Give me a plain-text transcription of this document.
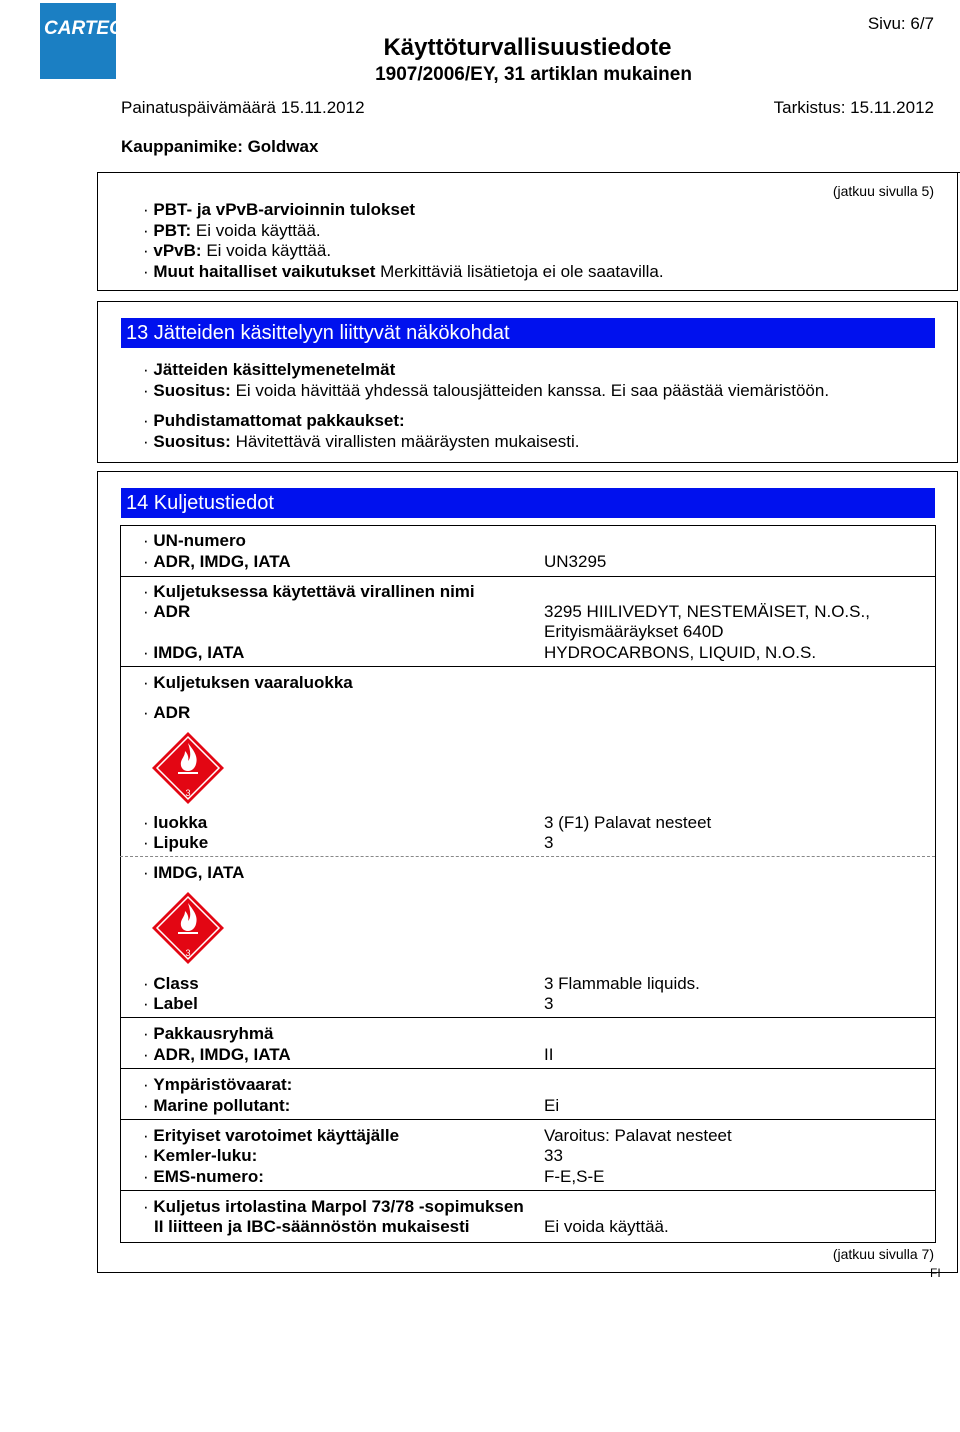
CARTEC
Käyttöturvallisuustiedote
1907/2006/EY, 31 artiklan mukainen
Sivu: 6/7
Painatuspäivämäärä 15.11.2012	Tarkistus: 15.11.2012
Kauppanimike: Goldwax
(jatkuu sivulla 5)
· PBT- ja vPvB-arvioinnin tulokset
· PBT: Ei voida käyttää.
· vPvB: Ei voida käyttää.
· Muut haitalliset vaikutukset Merkittäviä lisätietoja ei ole saatavilla.
13 Jätteiden käsittelyyn liittyvät näkökohdat
· Jätteiden käsittelymenetelmät
· Suositus: Ei voida hävittää yhdessä talousjätteiden kanssa. Ei saa päästää viemäristöön.
· Puhdistamattomat pakkaukset:
· Suositus: Hävitettävä virallisten määräysten mukaisesti.
14 Kuljetustiedot
· UN-numero
· ADR, IMDG, IATA	UN3295
· Kuljetuksessa käytettävä virallinen nimi
· ADR	3295 HIILIVEDYT, NESTEMÄISET, N.O.S.,
Erityismääräykset 640D
· IMDG, IATA	HYDROCARBONS, LIQUID, N.O.S.
· Kuljetuksen vaaraluokka
· ADR
3
· luokka	3 (F1) Palavat nesteet
· Lipuke	3
· IMDG, IATA
3
· Class	3 Flammable liquids.
· Label	3
· Pakkausryhmä
· ADR, IMDG, IATA	II
· Ympäristövaarat:
· Marine pollutant:	Ei
· Erityiset varotoimet käyttäjälle	Varoitus: Palavat nesteet
· Kemler-luku:	33
· EMS-numero:	F-E,S-E
· Kuljetus irtolastina Marpol 73/78 -sopimuksen
II liitteen ja IBC-säännöstön mukaisesti	Ei voida käyttää.
(jatkuu sivulla 7)
FI
